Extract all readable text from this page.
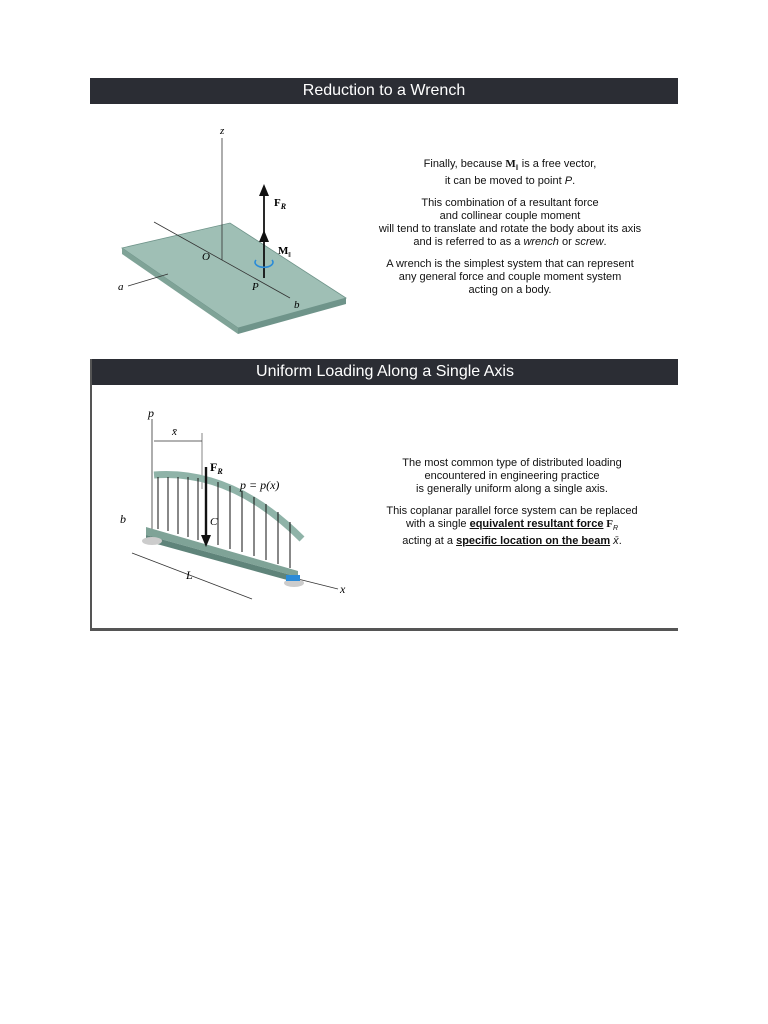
Reduction to a Wrench
z
a
b
O
P
$F_R$
$M_‖$

Finally, because $M_‖$ is a free vector,
it can be moved to point P.

This combination of a resultant force
and collinear couple moment
will tend to translate and rotate the body about its axis
and is referred to as a wrench or screw.

A wrench is the simplest system that can represent
any general force and couple moment system
acting on a body.

Uniform Loading Along a Single Axis
p
x̄
$F_R$
p = p(x)
C
x
L
b

The most common type of distributed loading
encountered in engineering practice
is generally uniform along a single axis.

This coplanar parallel force system can be replaced
with a single equivalent resultant force $F_R$
acting at a specific location on the beam x̄.
